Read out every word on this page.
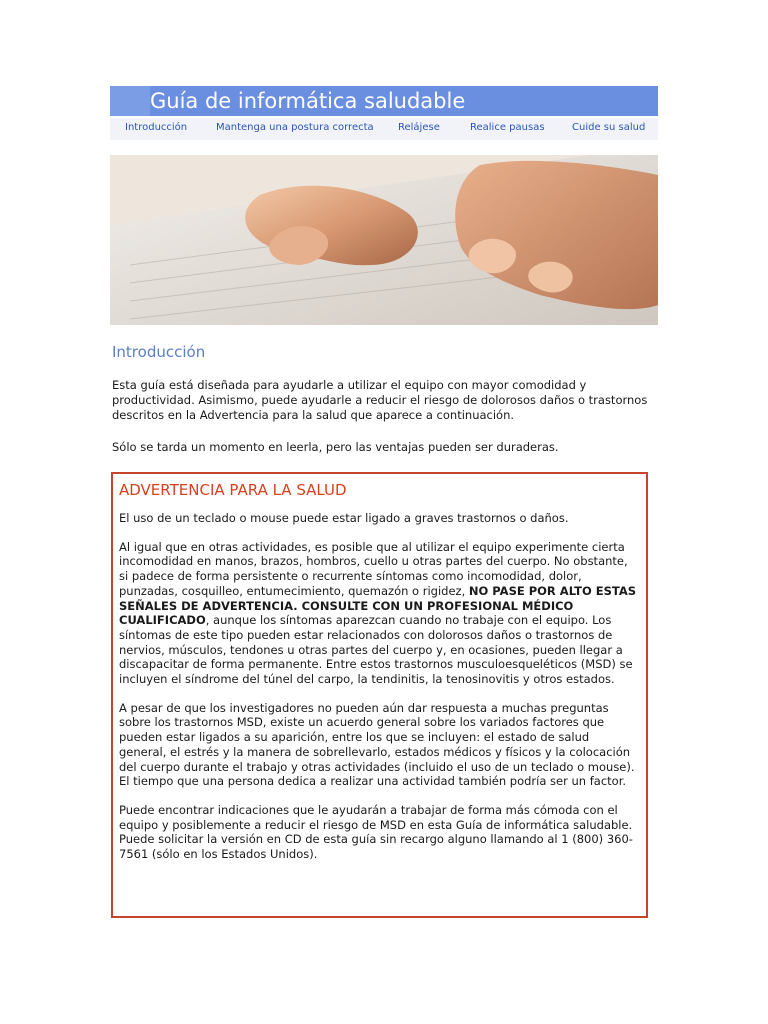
Guía de informática saludable
Introducción	Mantenga una postura correcta Relájese	Realice pausas	Cuide su salud
Introducción

Esta guía está diseñada para ayudarle a utilizar el equipo con mayor comodidad y productividad. Asimismo, puede ayudarle a reducir el riesgo de dolorosos daños o trastornos descritos en la Advertencia para la salud que aparece a continuación.

Sólo se tarda un momento en leerla, pero las ventajas pueden ser duraderas.

ADVERTENCIA PARA LA SALUD

El uso de un teclado o mouse puede estar ligado a graves trastornos o daños.

Al igual que en otras actividades, es posible que al utilizar el equipo experimente cierta incomodidad en manos, brazos, hombros, cuello u otras partes del cuerpo. No obstante, si padece de forma persistente o recurrente síntomas como incomodidad, dolor, punzadas, cosquilleo, entumecimiento, quemazón o rigidez, NO PASE POR ALTO ESTAS SEÑALES DE ADVERTENCIA. CONSULTE CON UN PROFESIONAL MÉDICO CUALIFICADO, aunque los síntomas aparezcan cuando no trabaje con el equipo. Los síntomas de este tipo pueden estar relacionados con dolorosos daños o trastornos de nervios, músculos, tendones u otras partes del cuerpo y, en ocasiones, pueden llegar a discapacitar de forma permanente. Entre estos trastornos musculoesqueléticos (MSD) se incluyen el síndrome del túnel del carpo, la tendinitis, la tenosinovitis y otros estados.

A pesar de que los investigadores no pueden aún dar respuesta a muchas preguntas sobre los trastornos MSD, existe un acuerdo general sobre los variados factores que pueden estar ligados a su aparición, entre los que se incluyen: el estado de salud general, el estrés y la manera de sobrellevarlo, estados médicos y físicos y la colocación del cuerpo durante el trabajo y otras actividades (incluido el uso de un teclado o mouse). El tiempo que una persona dedica a realizar una actividad también podría ser un factor.

Puede encontrar indicaciones que le ayudarán a trabajar de forma más cómoda con el equipo y posiblemente a reducir el riesgo de MSD en esta Guía de informática saludable. Puede solicitar la versión en CD de esta guía sin recargo alguno llamando al 1 (800) 360-7561 (sólo en los Estados Unidos).
